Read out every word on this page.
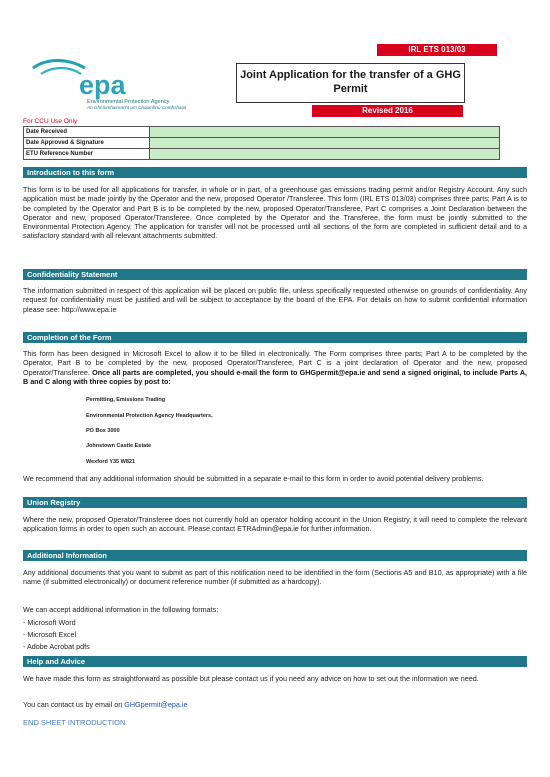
IRL ETS 013/03
epa
Environmental Protection Agency
An Ghníomhaireacht um Chaomhnú Comhshaoil
Joint Application for the transfer of a GHG
Permit
Revised 2016
For CCU Use Only
Date Received	
Date Approved & Signature	
ETU Reference Number	
Introduction to this form
This form is to be used for all applications for transfer, in whole or in part, of a greenhouse gas emissions trading permit and/or Registry Account. Any such application must be made jointly by the Operator and the new, proposed Operator /Transferee. This form (IRL ETS 013/03) comprises three parts; Part A is to be completed by the Operator and Part B is to be completed by the new, proposed Operator/Transferee, Part C comprises a Joint Declaration between the Operator and new, proposed Operator/Transferee. Once completed by the Operator and the Transferee, the form must be jointly submitted to the Environmental Protection Agency. The application for transfer will not be processed until all sections of the form are completed in sufficient detail and to a satisfactory standard with all relevant attachments submitted.
Confidentiality Statement
The information submitted in respect of this application will be placed on public file, unless specifically requested otherwise on grounds of confidentiality. Any request for confidentiality must be justified and will be subject to acceptance by the board of the EPA. For details on how to submit confidential information please see: http://www.epa.ie
Completion of the Form
This form has been designed in Microsoft Excel to allow it to be filled in electronically. The Form comprises three parts; Part A to be completed by the Operator, Part B to be completed by the new, proposed Operator/Transferee, Part C is a joint declaration of Operator and the new, proposed Operator/Transferee. Once all parts are completed, you should e-mail the form to GHGpermit@epa.ie and send a signed original, to include Parts A, B and C along with three copies by post to:
Permitting, Emissions Trading
Environmental Protection Agency Headquarters,
PO Box 3000
Johnstown Castle Estate
Wexford Y35 W821
We recommend that any additional information should be submitted in a separate e-mail to this form in order to avoid potential delivery problems.
Union Registry
Where the new, proposed Operator/Transferee does not currently hold an operator holding account in the Union Registry, it will need to complete the relevant application forms in order to open such an account. Please contact ETRAdmin@epa.ie for further information.
Additional Information
Any additional documents that you want to submit as part of this notification need to be identified in the form (Sections A5 and B10, as appropriate) with a file name (if submitted electronically) or document reference number (if submitted as a hardcopy).
We can accept additional information in the following formats:
- Microsoft Word
- Microsoft Excel
- Adobe Acrobat pdfs
Help and Advice
We have made this form as straightforward as possible but please contact us if you need any advice on how to set out the information we need.
You can contact us by email on GHGpermit@epa.ie
END SHEET INTRODUCTION
